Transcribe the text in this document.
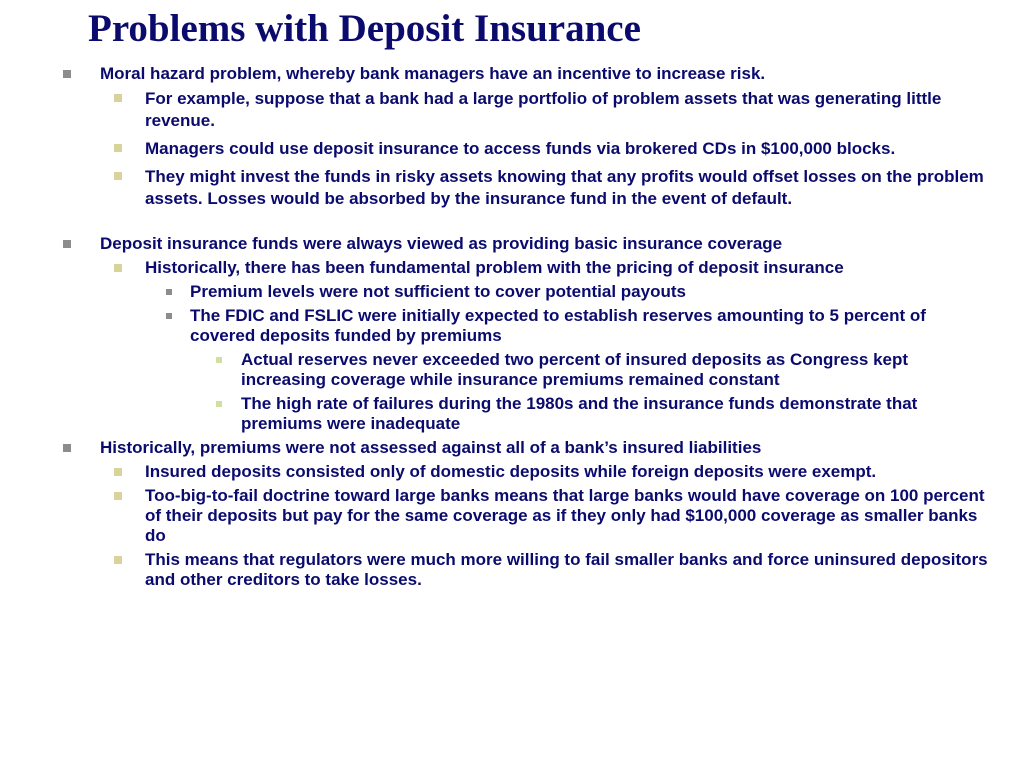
Problems with Deposit Insurance
Moral hazard problem, whereby bank managers have an incentive to increase risk.
For example, suppose that a bank had a large portfolio of problem assets that was generating little revenue.
Managers could use deposit insurance to access funds via brokered CDs in $100,000 blocks.
They might invest the funds in risky assets knowing that any profits would offset losses on the problem assets. Losses would be absorbed by the insurance fund in the event of default.
Deposit insurance funds were always viewed as providing basic insurance coverage
Historically, there has been fundamental problem with the pricing of deposit insurance
Premium levels were not sufficient to cover potential payouts
The FDIC and FSLIC were initially expected to establish reserves amounting to 5 percent of covered deposits funded by premiums
Actual reserves never exceeded two percent of insured deposits as Congress kept increasing coverage while insurance premiums remained constant
The high rate of failures during the 1980s and the insurance funds demonstrate that premiums were inadequate
Historically, premiums were not assessed against all of a bank’s insured liabilities
Insured deposits consisted only of domestic deposits while foreign deposits were exempt.
Too-big-to-fail doctrine toward large banks means that large banks would have coverage on 100 percent of their deposits but pay for the same coverage as if they only had $100,000 coverage as smaller banks do
This means that regulators were much more willing to fail smaller banks and force uninsured depositors and other creditors to take losses.
